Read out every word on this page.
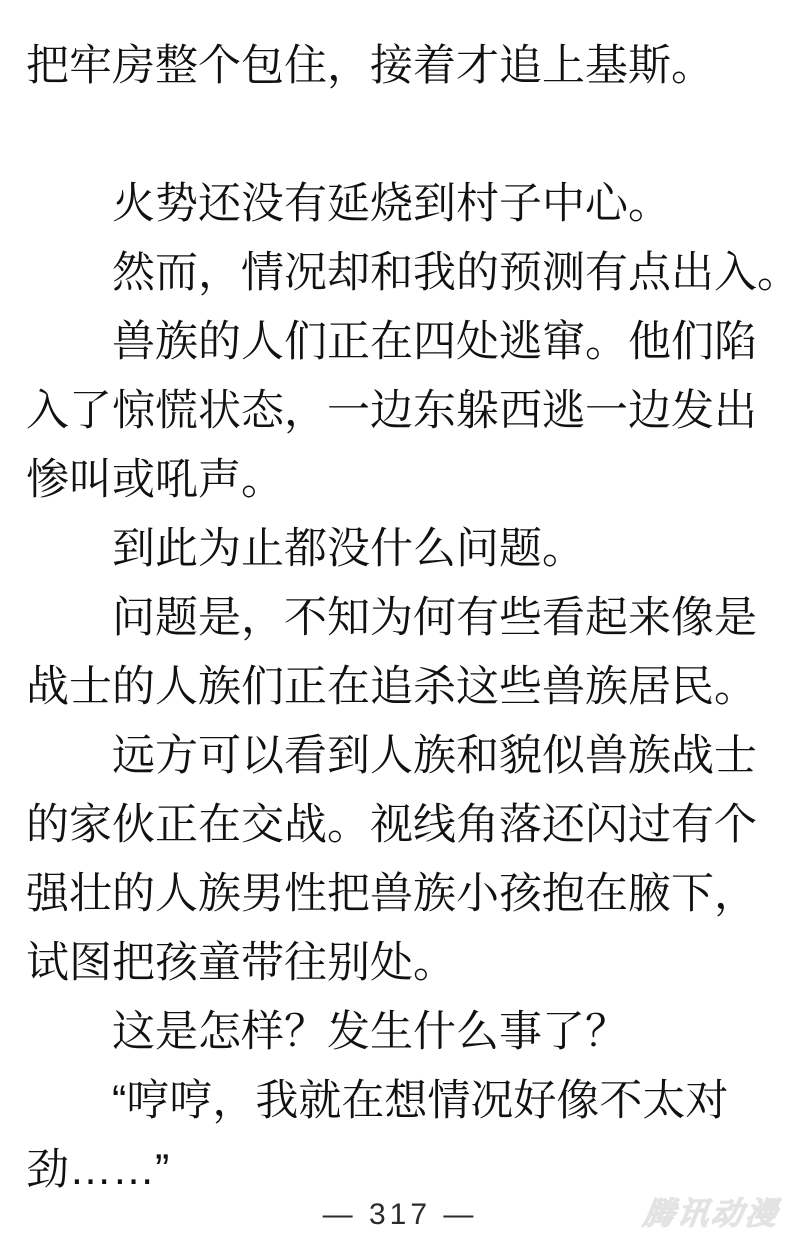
把牢房整个包住，接着才追上基斯。
火势还没有延烧到村子中心。
然而，情况却和我的预测有点出入。
兽族的人们正在四处逃窜。他们陷
入了惊慌状态，一边东躲西逃一边发出
惨叫或吼声。
到此为止都没什么问题。
问题是，不知为何有些看起来像是
战士的人族们正在追杀这些兽族居民。
远方可以看到人族和貌似兽族战士
的家伙正在交战。视线角落还闪过有个
强壮的人族男性把兽族小孩抱在腋下，
试图把孩童带往别处。
这是怎样？发生什么事了？
“哼哼，我就在想情况好像不太对
劲……”
— 317 —	腾讯动漫
